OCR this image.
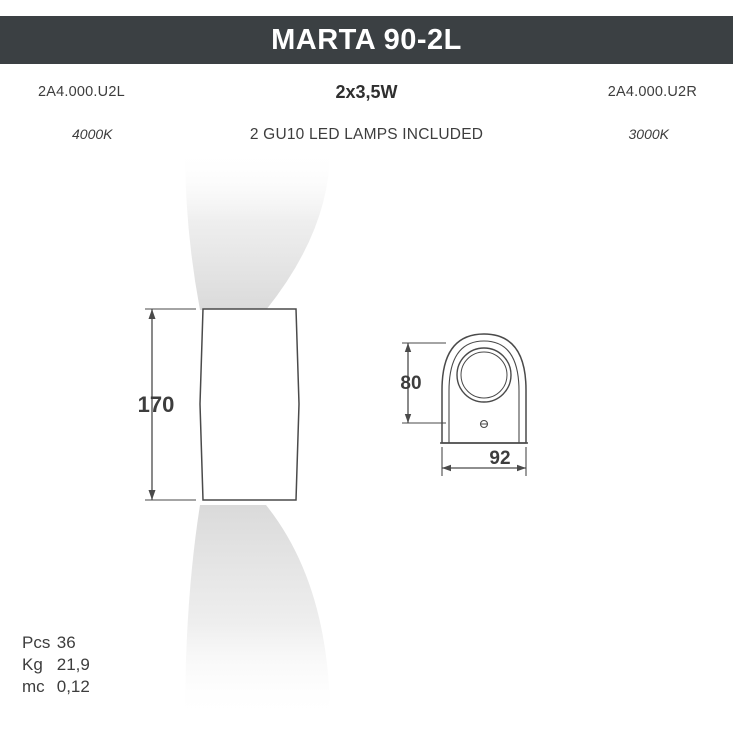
MARTA 90-2L
2A4.000.U2L	2x3,5W	2A4.000.U2R
4000K	2 GU10 LED LAMPS INCLUDED	3000K
170
80
92
Pcs 36
Kg 21,9
mc 0,12
